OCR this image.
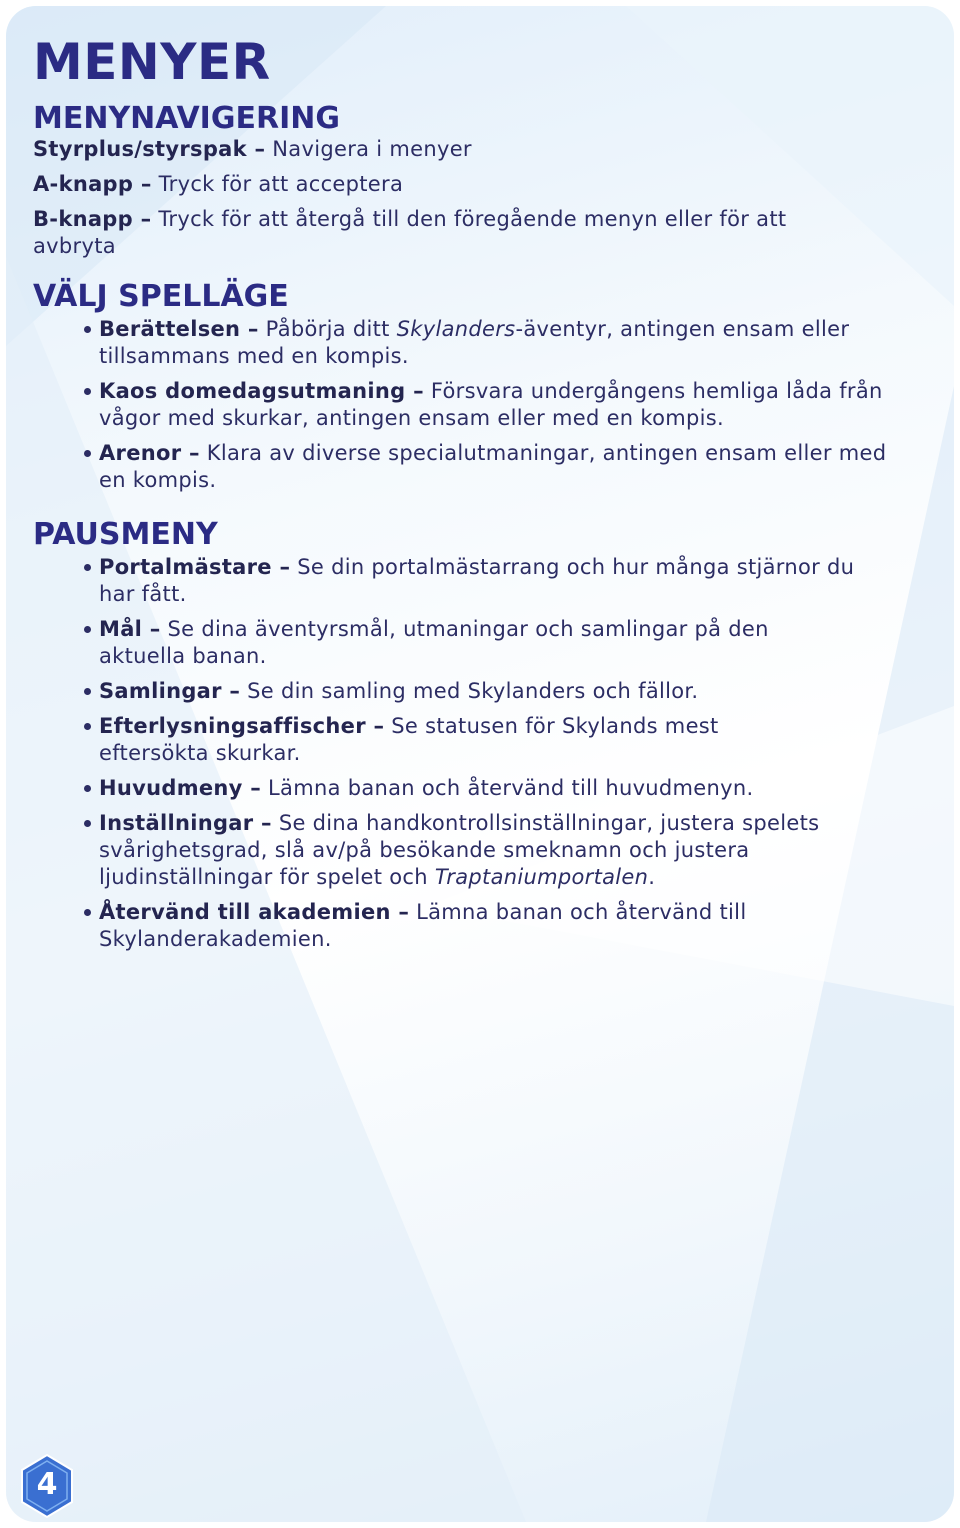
MENYER
MENYNAVIGERING

Styrplus/styrspak – Navigera i menyer

A-knapp – Tryck för att acceptera

B-knapp – Tryck för att återgå till den föregående menyn eller för att avbryta

VÄLJ SPELLÄGE
Berättelsen – Påbörja ditt Skylanders-äventyr, antingen ensam eller tillsammans med en kompis.
Kaos domedagsutmaning – Försvara undergångens hemliga låda från vågor med skurkar, antingen ensam eller med en kompis.
Arenor – Klara av diverse specialutmaningar, antingen ensam eller med en kompis.
PAUSMENY
Portalmästare – Se din portalmästarrang och hur många stjärnor du har fått.
Mål – Se dina äventyrsmål, utmaningar och samlingar på den aktuella banan.
Samlingar – Se din samling med Skylanders och fällor.
Efterlysningsaffischer – Se statusen för Skylands mest eftersökta skurkar.
Huvudmeny – Lämna banan och återvänd till huvudmenyn.
Inställningar – Se dina handkontrollsinställningar, justera spelets svårighetsgrad, slå av/på besökande smeknamn och justera ljudinställningar för spelet och Traptaniumportalen.
Återvänd till akademien – Lämna banan och återvänd till Skylanderakademien.
4
